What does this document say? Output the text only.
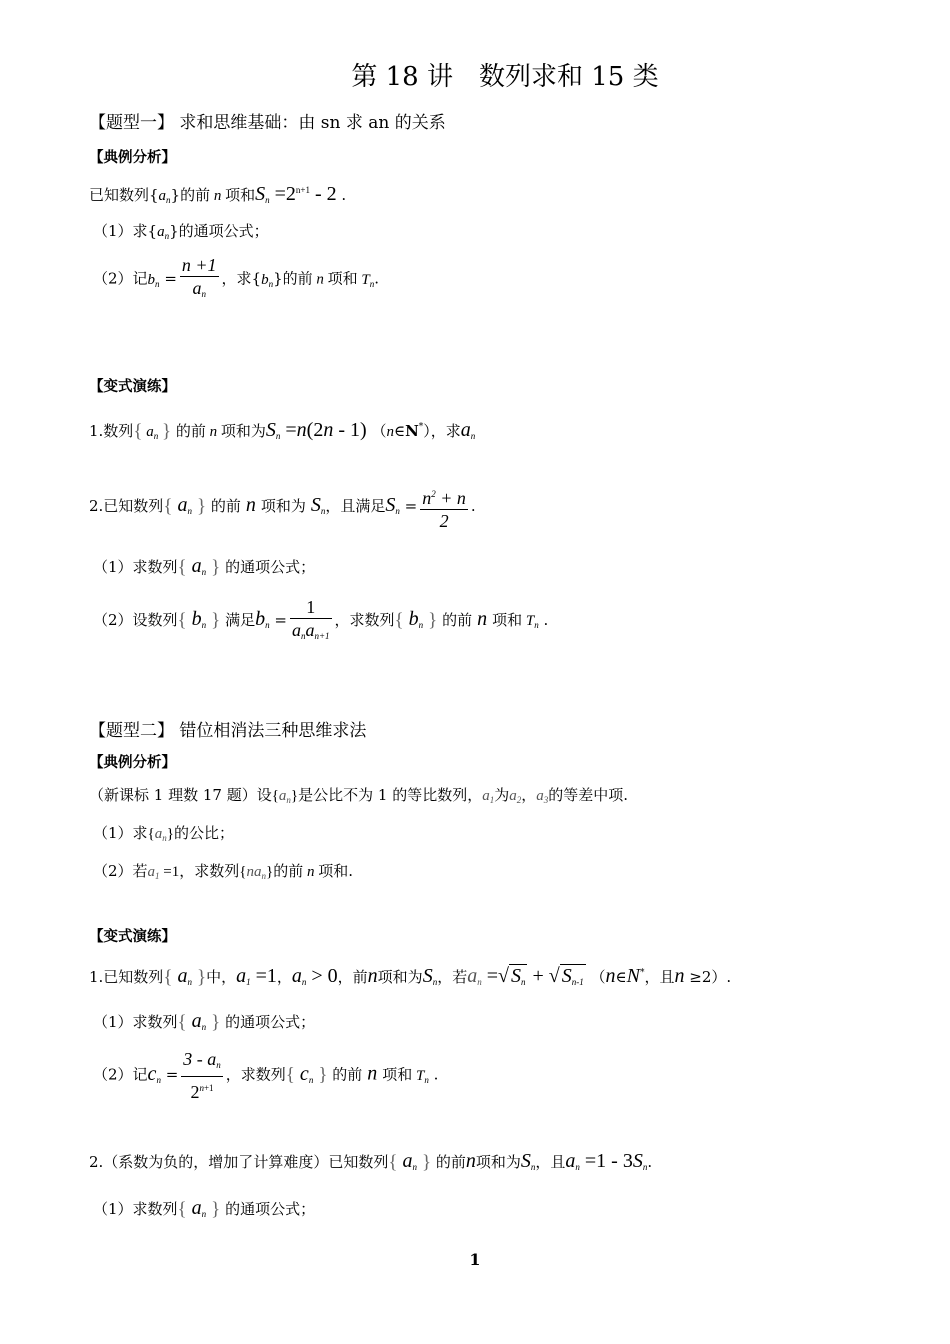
第 18 讲　数列求和 15 类
【题型一】 求和思维基础：由 sn 求 an 的关系
【典例分析】
已知数列$\{a_n\}$的前 n 项和$S_n =2^{n+1} - 2$ .
（1）求$\{a_n\}$的通项公式；
（2）记$b_n = \frac{n +1}{a_n}$ ，求$\{b_n\}$的前 n 项和 $T_n$.
【变式演练】
1.数列{ $a_n$ } 的前 n 项和为$S_n =n(2n - 1)$ （n∈N*），求$a_n$
2.已知数列{ $a_n$ } 的前 n 项和为 $S_n$，且满足$S_n = \frac{n^2 + n}{2}$ .
（1）求数列{ $a_n$ } 的通项公式；
（2）设数列{ $b_n$ } 满足$b_n = \frac{1}{a_na_{n+1}}$ ，求数列{ $b_n$ } 的前 n 项和 $T_n$ .
【题型二】 错位相消法三种思维求法
【典例分析】
（新课标 1 理数 17 题）设$\{a_n\}$是公比不为 1 的等比数列，$a_1$为$a_2$，$a_3$的等差中项.
（1）求$\{a_n\}$的公比；
（2）若$a_1 =1$，求数列$\{na_n\}$的前 n 项和.
【变式演练】
1.已知数列{ $a_n$ }中，$a_1 =1$，$a_n > 0$，前n项和为$S_n$，若$a_n$ =√ $S_n$ + √ $S_{n-1}$ （n∈N*，且n ≥2）.
（1）求数列{ $a_n$ } 的通项公式；
（2）记$c_n = \frac{3 - a_n}{2^{n+1}}$ ，求数列{ $c_n$ } 的前 n 项和 $T_n$ .
2.（系数为负的，增加了计算难度）已知数列{ $a_n$ } 的前n项和为$S_n$，且$a_n =1 - 3S_n$.
（1）求数列{ $a_n$ } 的通项公式；
1
